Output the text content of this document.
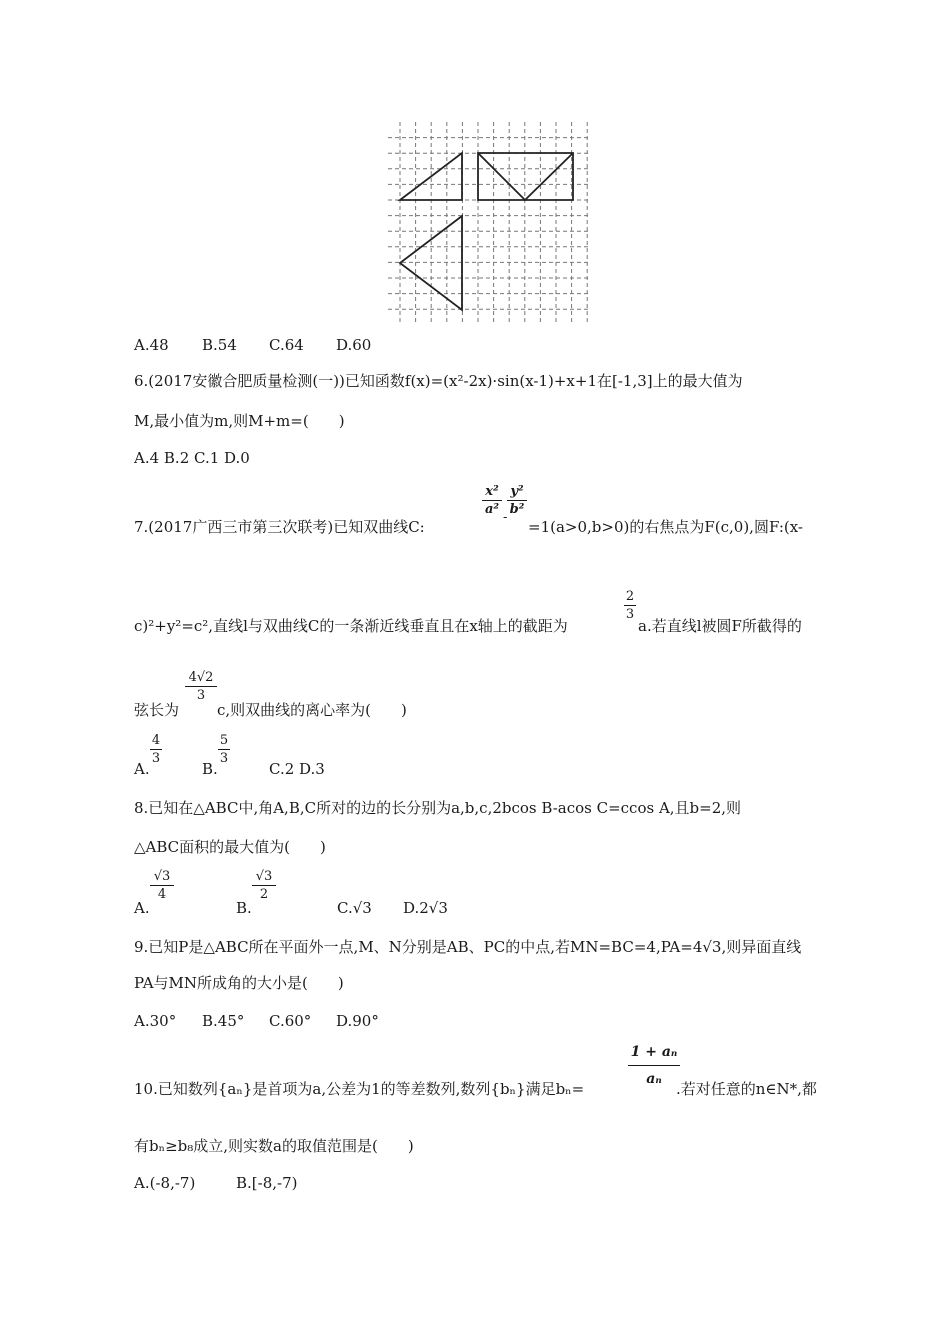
A.48 B.54 C.64 D.60
6.(2017安徽合肥质量检测(一))已知函数f(x)=(x²-2x)·sin(x-1)+x+1在[-1,3]上的最大值为
M,最小值为m,则M+m=(　　)
A.4 B.2 C.1 D.0
x²
a²
-
y²
b²
7.(2017广西三市第三次联考)已知双曲线C:	=1(a>0,b>0)的右焦点为F(c,0),圆F:(x-
2
3
c)²+y²=c²,直线l与双曲线C的一条渐近线垂直且在x轴上的截距为	a.若直线l被圆F所截得的
4√2
3
弦长为	c,则双曲线的离心率为(　　)
A.
4
3
B.
5
3
C.2 D.3
8.已知在△ABC中,角A,B,C所对的边的长分别为a,b,c,2bcos B-acos C=ccos A,且b=2,则
△ABC面积的最大值为(　　)
A.
√3
4
B.
√3
2
C.√3 D.2√3
9.已知P是△ABC所在平面外一点,M、N分别是AB、PC的中点,若MN=BC=4,PA=4√3,则异面直线
PA与MN所成角的大小是(　　)
A.30° B.45° C.60° D.90°
1 + aₙ
aₙ
10.已知数列{aₙ}是首项为a,公差为1的等差数列,数列{bₙ}满足bₙ=	.若对任意的n∈N*,都
有bₙ≥b₈成立,则实数a的取值范围是(　　)
A.(-8,-7)	B.[-8,-7)
